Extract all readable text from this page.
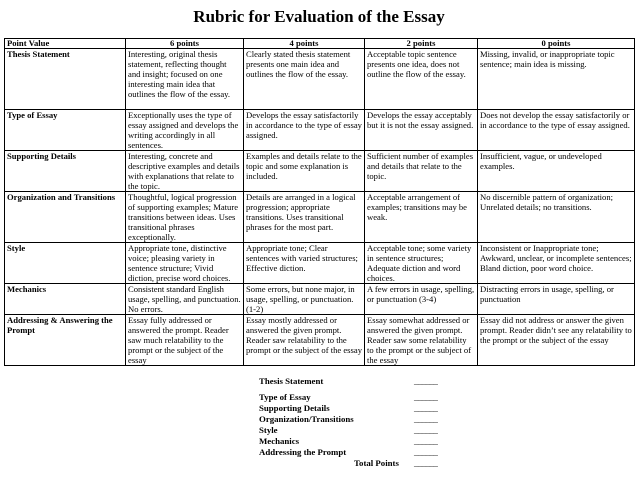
Rubric for Evaluation of the Essay
Point Value	6 points	4 points	2 points	0 points
Thesis Statement	Interesting, original thesis statement, reflecting thought and insight; focused on one interesting main idea that outlines the flow of the essay.	Clearly stated thesis statement presents one main idea and outlines the flow of the essay.	Acceptable topic sentence presents one idea, does not outline the flow of the essay.	Missing, invalid, or inappropriate topic sentence; main idea is missing.
Type of Essay	Exceptionally uses the type of essay assigned and develops the writing accordingly in all sentences.	Develops the essay satisfactorily in accordance to the type of essay assigned.	Develops the essay acceptably but it is not the essay assigned.	Does not develop the essay satisfactorily or in accordance to the type of essay assigned.
Supporting Details	Interesting, concrete and descriptive examples and details with explanations that relate to the topic.	Examples and details relate to the topic and some explanation is included.	Sufficient number of examples and details that relate to the topic.	Insufficient, vague, or undeveloped examples.
Organization and Transitions	Thoughtful, logical progression of supporting examples; Mature transitions between ideas. Uses transitional phrases exceptionally.	Details are arranged in a logical progression; appropriate transitions. Uses transitional phrases for the most part.	Acceptable arrangement of examples; transitions may be weak.	No discernible pattern of organization; Unrelated details; no transitions.
Style	Appropriate tone, distinctive voice; pleasing variety in sentence structure; Vivid diction, precise word choices.	Appropriate tone; Clear sentences with varied structures; Effective diction.	Acceptable tone; some variety in sentence structures; Adequate diction and word choices.	Inconsistent or Inappropriate tone; Awkward, unclear, or incomplete sentences; Bland diction, poor word choice.
Mechanics	Consistent standard English usage, spelling, and punctuation. No errors.	Some errors, but none major, in usage, spelling, or punctuation. (1-2)	A few errors in usage, spelling, or punctuation (3-4)	Distracting errors in usage, spelling, or punctuation
Addressing & Answering the Prompt	Essay fully addressed or answered the prompt. Reader saw much relatability to the prompt or the subject of the essay	Essay mostly addressed or answered the given prompt. Reader saw relatability to the prompt or the subject of the essay	Essay somewhat addressed or answered the given prompt. Reader saw some relatability to the prompt or the subject of the essay	Essay did not address or answer the given prompt. Reader didn’t see any relatability to the prompt or the subject of the essay
Thesis Statement	______
Type of Essay	______
Supporting Details	______
Organization/Transitions	______
Style	______
Mechanics	______
Addressing the Prompt	______
Total Points ______
